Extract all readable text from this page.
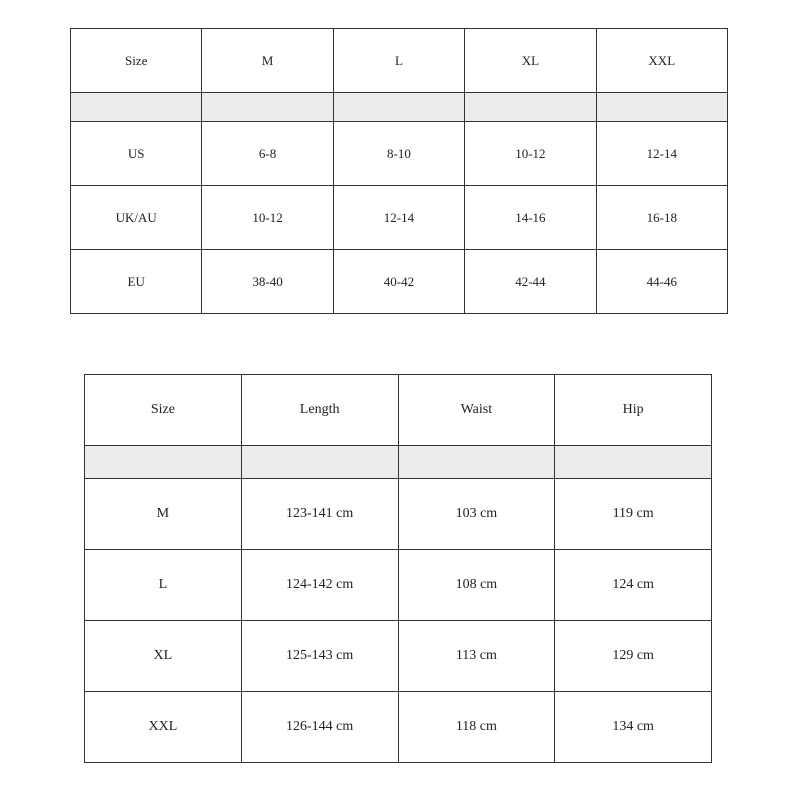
Size	M	L	XL	XXL

US	6-8	8-10	10-12	12-14
UK/AU	10-12	12-14	14-16	16-18
EU	38-40	40-42	42-44	44-46
Size	Length	Waist	Hip

M	123-141 cm	103 cm	119 cm
L	124-142 cm	108 cm	124 cm
XL	125-143 cm	113 cm	129 cm
XXL	126-144 cm	118 cm	134 cm
